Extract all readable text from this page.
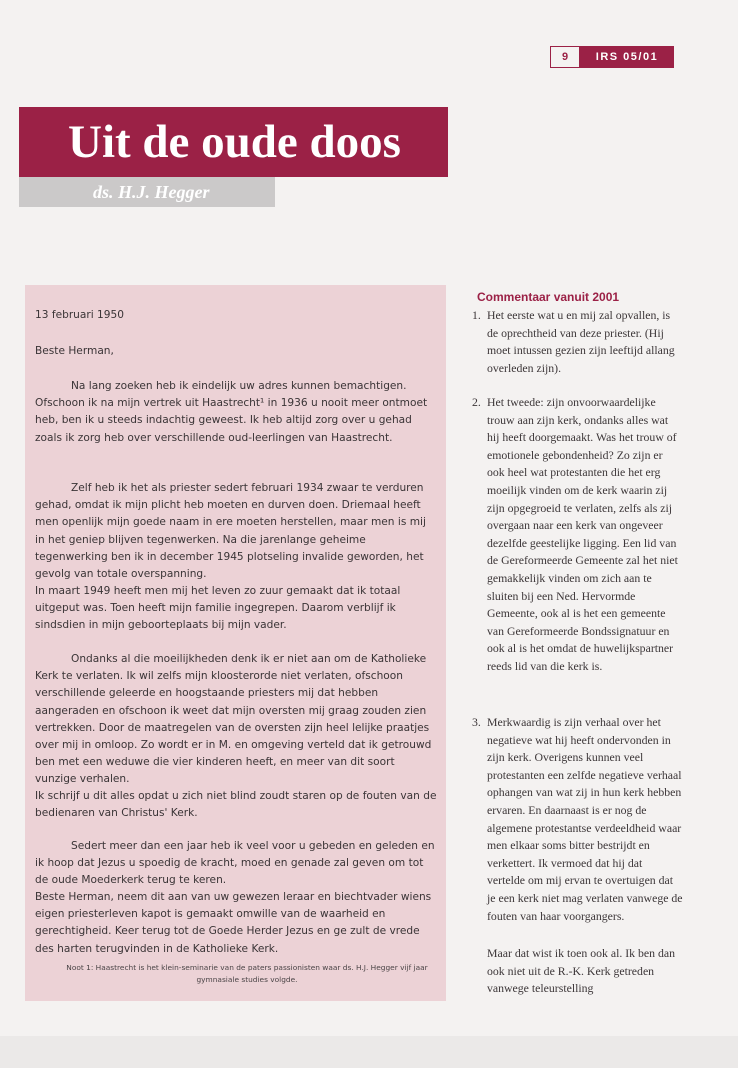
9	IRS 05/01
Uit de oude doos
ds. H.J. Hegger

13 februari 1950

Beste Herman,

Na lang zoeken heb ik eindelijk uw adres kunnen bemachtigen. Ofschoon ik na mijn vertrek uit Haastrecht¹ in 1936 u nooit meer ontmoet heb, ben ik u steeds indachtig geweest. Ik heb altijd zorg over u gehad zoals ik zorg heb over verschillende oud-leerlingen van Haastrecht.

Zelf heb ik het als priester sedert februari 1934 zwaar te verduren gehad, omdat ik mijn plicht heb moeten en durven doen. Driemaal heeft men openlijk mijn goede naam in ere moeten herstellen, maar men is mij in het geniep blijven tegenwerken. Na die jarenlange geheime tegenwerking ben ik in december 1945 plotseling invalide geworden, het gevolg van totale overspanning.

In maart 1949 heeft men mij het leven zo zuur gemaakt dat ik totaal uitgeput was. Toen heeft mijn familie ingegrepen. Daarom verblijf ik sindsdien in mijn geboorteplaats bij mijn vader.

Ondanks al die moeilijkheden denk ik er niet aan om de Katholieke Kerk te verlaten. Ik wil zelfs mijn kloosterorde niet verlaten, ofschoon verschillende geleerde en hoogstaande priesters mij dat hebben aangeraden en ofschoon ik weet dat mijn oversten mij graag zouden zien vertrekken. Door de maatregelen van de oversten zijn heel lelijke praatjes over mij in omloop. Zo wordt er in M. en omgeving verteld dat ik getrouwd ben met een weduwe die vier kinderen heeft, en meer van dit soort vunzige verhalen.

Ik schrijf u dit alles opdat u zich niet blind zoudt staren op de fouten van de bedienaren van Christus' Kerk.

Sedert meer dan een jaar heb ik veel voor u gebeden en geleden en ik hoop dat Jezus u spoedig de kracht, moed en genade zal geven om tot de oude Moederkerk terug te keren.

Beste Herman, neem dit aan van uw gewezen leraar en biechtvader wiens eigen priesterleven kapot is gemaakt omwille van de waarheid en gerechtigheid. Keer terug tot de Goede Herder Jezus en ge zult de vrede des harten terugvinden in de Katholieke Kerk.

Noot 1: Haastrecht is het klein-seminarie van de paters passionisten waar ds. H.J. Hegger vijf jaar gymnasiale studies volgde.
Commentaar vanuit 2001
1. Het eerste wat u en mij zal opvallen, is de oprechtheid van deze priester. (Hij moet intussen gezien zijn leeftijd allang overleden zijn).
2. Het tweede: zijn onvoorwaardelijke trouw aan zijn kerk, ondanks alles wat hij heeft doorgemaakt. Was het trouw of emotionele gebondenheid? Zo zijn er ook heel wat protestanten die het erg moeilijk vinden om de kerk waarin zij zijn opgegroeid te verlaten, zelfs als zij overgaan naar een kerk van ongeveer dezelfde geestelijke ligging. Een lid van de Gereformeerde Gemeente zal het niet gemakkelijk vinden om zich aan te sluiten bij een Ned. Hervormde Gemeente, ook al is het een gemeente van Gereformeerde Bondssignatuur en ook al is het omdat de huwelijkspartner reeds lid van die kerk is.
3. Merkwaardig is zijn verhaal over het negatieve wat hij heeft ondervonden in zijn kerk. Overigens kunnen veel protestanten een zelfde negatieve verhaal ophangen van wat zij in hun kerk hebben ervaren. En daarnaast is er nog de algemene protestantse verdeeldheid waar men elkaar soms bitter bestrijdt en verkettert. Ik vermoed dat hij dat vertelde om mij ervan te overtuigen dat je een kerk niet mag verlaten vanwege de fouten van haar voorgangers.
Maar dat wist ik toen ook al. Ik ben dan ook niet uit de R.-K. Kerk getreden vanwege teleurstelling
